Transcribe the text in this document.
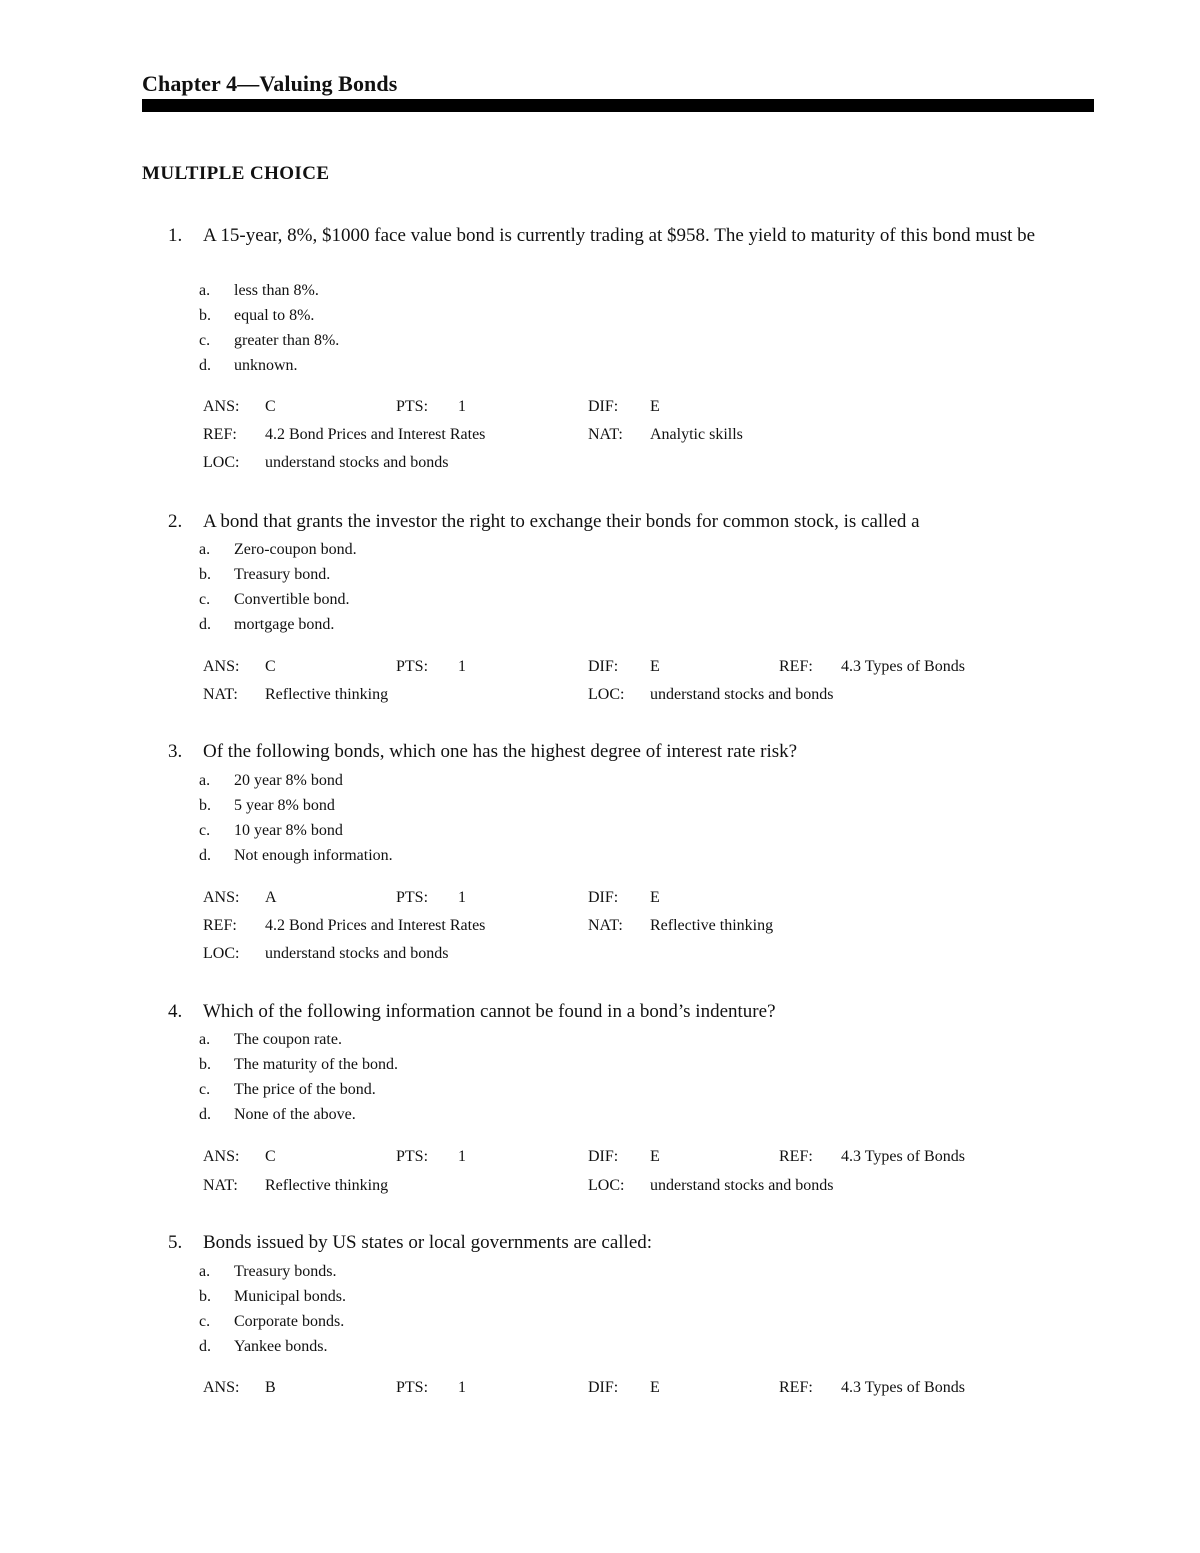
Chapter 4—Valuing Bonds
MULTIPLE CHOICE
1. A 15-year, 8%, $1000 face value bond is currently trading at $958. The yield to maturity of this bond must be
a. less than 8%.
b. equal to 8%.
c. greater than 8%.
d. unknown.
ANS: C	PTS: 1	DIF: E
REF: 4.2 Bond Prices and Interest Rates	NAT: Analytic skills
LOC: understand stocks and bonds
2. A bond that grants the investor the right to exchange their bonds for common stock, is called a
a. Zero-coupon bond.
b. Treasury bond.
c. Convertible bond.
d. mortgage bond.
ANS: C	PTS: 1	DIF: E	REF: 4.3 Types of Bonds
NAT: Reflective thinking	LOC: understand stocks and bonds
3. Of the following bonds, which one has the highest degree of interest rate risk?
a. 20 year 8% bond
b. 5 year 8% bond
c. 10 year 8% bond
d. Not enough information.
ANS: A	PTS: 1	DIF: E
REF: 4.2 Bond Prices and Interest Rates	NAT: Reflective thinking
LOC: understand stocks and bonds
4. Which of the following information cannot be found in a bond’s indenture?
a. The coupon rate.
b. The maturity of the bond.
c. The price of the bond.
d. None of the above.
ANS: C	PTS: 1	DIF: E	REF: 4.3 Types of Bonds
NAT: Reflective thinking	LOC: understand stocks and bonds
5. Bonds issued by US states or local governments are called:
a. Treasury bonds.
b. Municipal bonds.
c. Corporate bonds.
d. Yankee bonds.
ANS: B	PTS: 1	DIF: E	REF: 4.3 Types of Bonds
